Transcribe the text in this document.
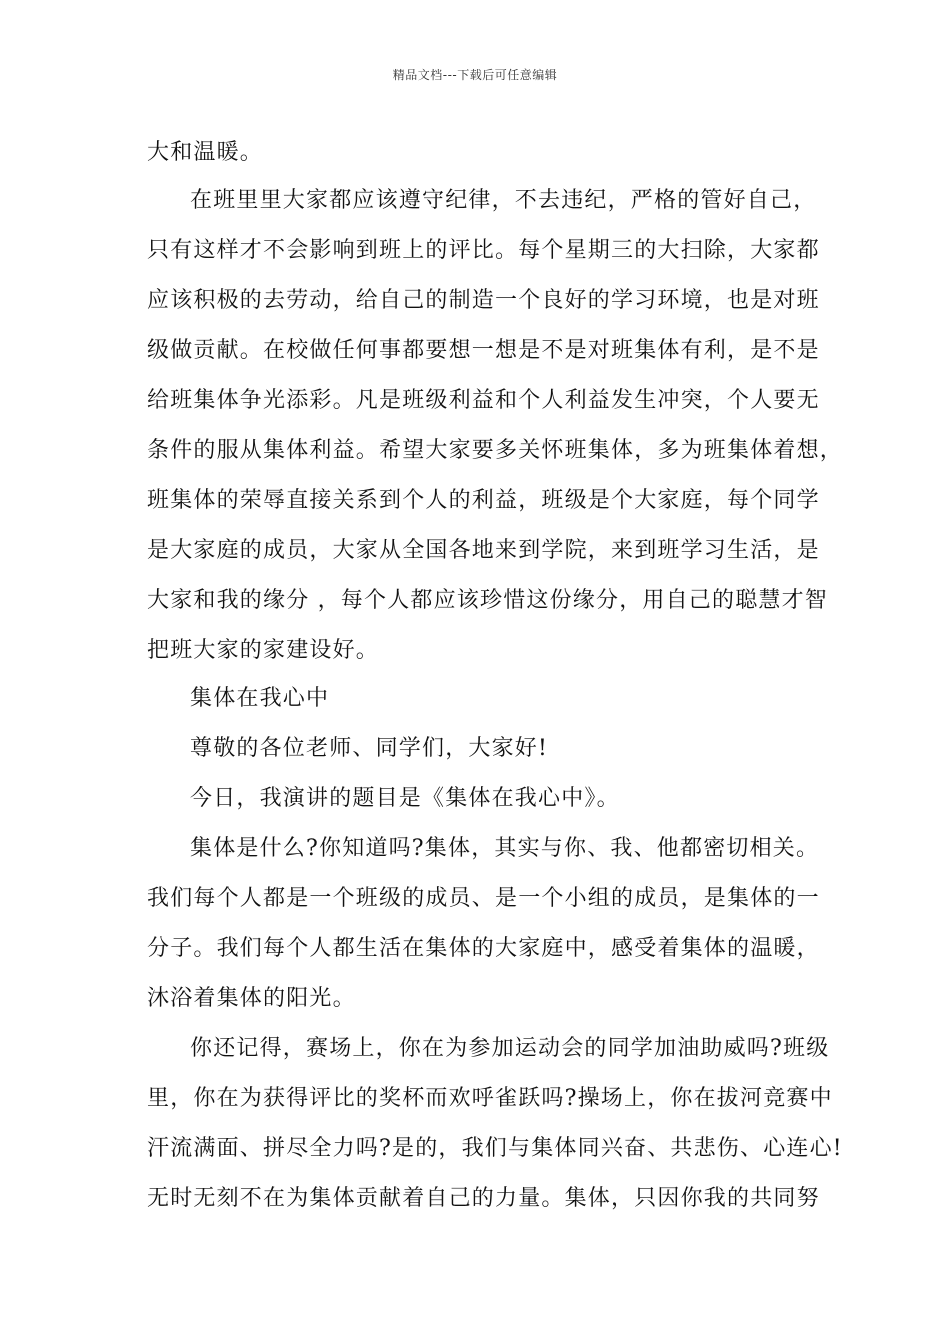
精品文档---下载后可任意编辑
大和温暖。
在班里里大家都应该遵守纪律，不去违纪，严格的管好自己，
只有这样才不会影响到班上的评比。每个星期三的大扫除，大家都
应该积极的去劳动，给自己的制造一个良好的学习环境，也是对班
级做贡献。在校做任何事都要想一想是不是对班集体有利，是不是
给班集体争光添彩。凡是班级利益和个人利益发生冲突，个人要无
条件的服从集体利益。希望大家要多关怀班集体，多为班集体着想，
班集体的荣辱直接关系到个人的利益，班级是个大家庭，每个同学
是大家庭的成员，大家从全国各地来到学院，来到班学习生活，是
大家和我的缘分 ，每个人都应该珍惜这份缘分，用自己的聪慧才智
把班大家的家建设好。
集体在我心中
尊敬的各位老师、同学们，大家好!
今日，我演讲的题目是《集体在我心中》。
集体是什么?你知道吗?集体，其实与你、我、他都密切相关。
我们每个人都是一个班级的成员、是一个小组的成员，是集体的一
分子。我们每个人都生活在集体的大家庭中，感受着集体的温暖，
沐浴着集体的阳光。
你还记得，赛场上，你在为参加运动会的同学加油助威吗?班级
里，你在为获得评比的奖杯而欢呼雀跃吗?操场上，你在拔河竞赛中
汗流满面、拼尽全力吗?是的，我们与集体同兴奋、共悲伤、心连心!
无时无刻不在为集体贡献着自己的力量。集体，只因你我的共同努
